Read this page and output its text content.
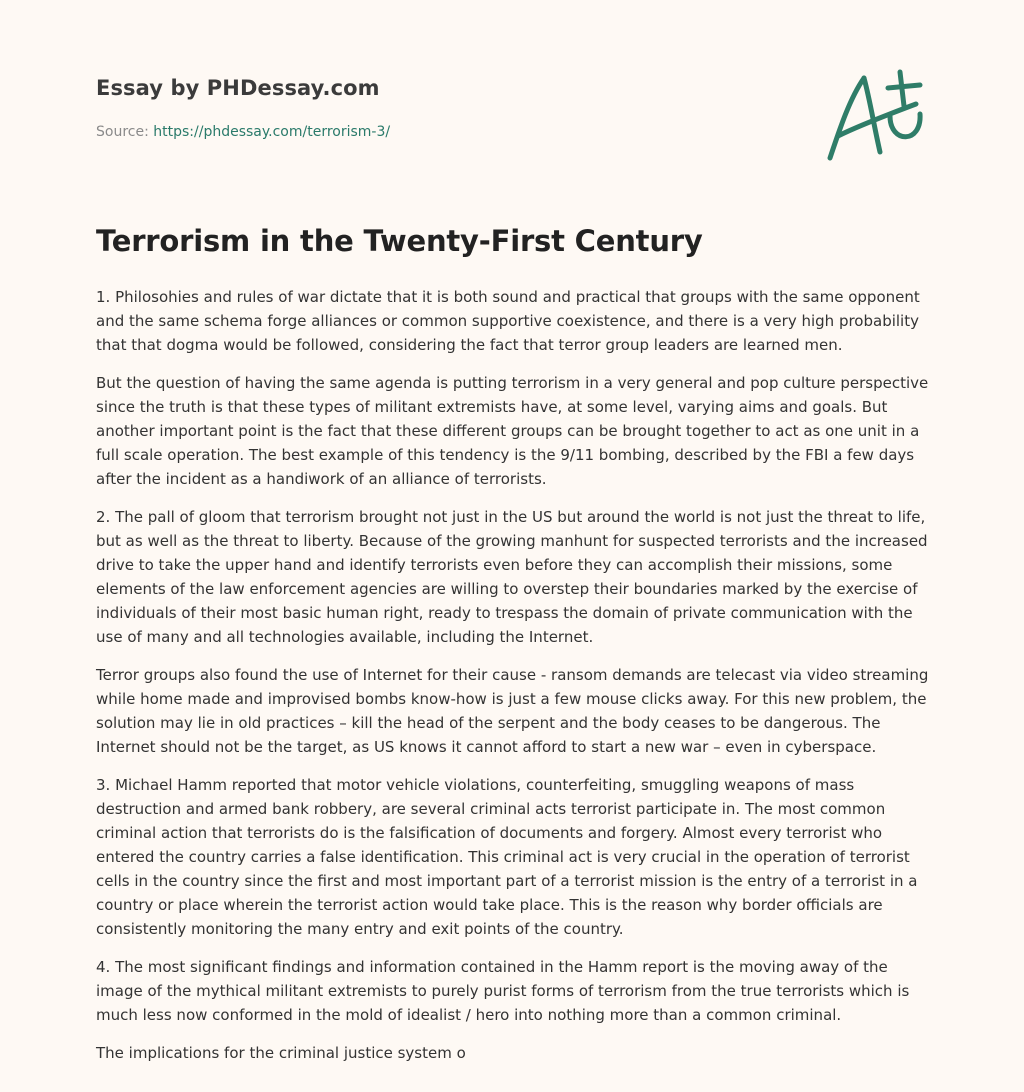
Essay by PHDessay.com
Source: https://phdessay.com/terrorism-3/
Terrorism in the Twenty-First Century

1. Philosohies and rules of war dictate that it is both sound and practical that groups with the same opponent and the same schema forge alliances or common supportive coexistence, and there is a very high probability that that dogma would be followed, considering the fact that terror group leaders are learned men.

But the question of having the same agenda is putting terrorism in a very general and pop culture perspective since the truth is that these types of militant extremists have, at some level, varying aims and goals. But another important point is the fact that these different groups can be brought together to act as one unit in a full scale operation. The best example of this tendency is the 9/11 bombing, described by the FBI a few days after the incident as a handiwork of an alliance of terrorists.

2. The pall of gloom that terrorism brought not just in the US but around the world is not just the threat to life, but as well as the threat to liberty. Because of the growing manhunt for suspected terrorists and the increased drive to take the upper hand and identify terrorists even before they can accomplish their missions, some elements of the law enforcement agencies are willing to overstep their boundaries marked by the exercise of individuals of their most basic human right, ready to trespass the domain of private communication with the use of many and all technologies available, including the Internet.

Terror groups also found the use of Internet for their cause - ransom demands are telecast via video streaming while home made and improvised bombs know-how is just a few mouse clicks away. For this new problem, the solution may lie in old practices – kill the head of the serpent and the body ceases to be dangerous. The Internet should not be the target, as US knows it cannot afford to start a new war – even in cyberspace.

3. Michael Hamm reported that motor vehicle violations, counterfeiting, smuggling weapons of mass destruction and armed bank robbery, are several criminal acts terrorist participate in. The most common criminal action that terrorists do is the falsification of documents and forgery. Almost every terrorist who entered the country carries a false identification. This criminal act is very crucial in the operation of terrorist cells in the country since the first and most important part of a terrorist mission is the entry of a terrorist in a country or place wherein the terrorist action would take place. This is the reason why border officials are consistently monitoring the many entry and exit points of the country.

4. The most significant findings and information contained in the Hamm report is the moving away of the image of the mythical militant extremists to purely purist forms of terrorism from the true terrorists which is much less now conformed in the mold of idealist / hero into nothing more than a common criminal.

The implications for the criminal justice system o
